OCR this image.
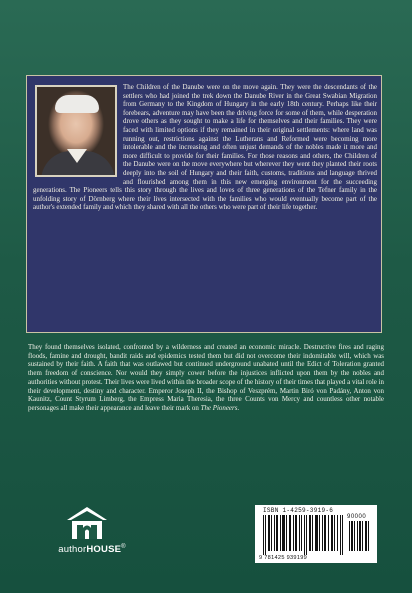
The Children of the Danube were on the move again. They were the descendants of the settlers who had joined the trek down the Danube River in the Great Swabian Migration from Germany to the Kingdom of Hungary in the early 18th century. Perhaps like their forebears, adventure may have been the driving force for some of them, while desperation drove others as they sought to make a life for themselves and their families. They were faced with limited options if they remained in their original settlements: where land was running out, restrictions against the Lutherans and Reformed were becoming more intolerable and the increasing and often unjust demands of the nobles made it more and more difficult to provide for their families. For those reasons and others, the Children of the Danube were on the move everywhere but wherever they went they planted their roots deeply into the soil of Hungary and their faith, customs, traditions and language thrived and flourished among them in this new emerging environment for the succeeding generations. The Pioneers tells this story through the lives and loves of three generations of the Tefner family in the unfolding story of Dörnberg where their lives intersected with the families who would eventually become part of the author's extended family and which they shared with all the others who were part of their life together.

They found themselves isolated, confronted by a wilderness and created an economic miracle. Destructive fires and raging floods, famine and drought, bandit raids and epidemics tested them but did not overcome their indomitable will, which was sustained by their faith. A faith that was outlawed but continued underground unabated until the Edict of Toleration granted them freedom of conscience. Nor would they simply cower before the injustices inflicted upon them by the nobles and authorities without protest. Their lives were lived within the broader scope of the history of their times that played a vital role in their development, destiny and character. Emperor Joseph II, the Bishop of Veszprém, Martin Biró von Padány, Anton von Kaunitz, Count Styrum Limberg, the Empress Maria Theresia, the three Counts von Mercy and countless other notable personages all make their appearance and leave their mark on The Pioneers.

authorHOUSE®
ISBN 1-4259-3919-6
90000
9 781425 939199
